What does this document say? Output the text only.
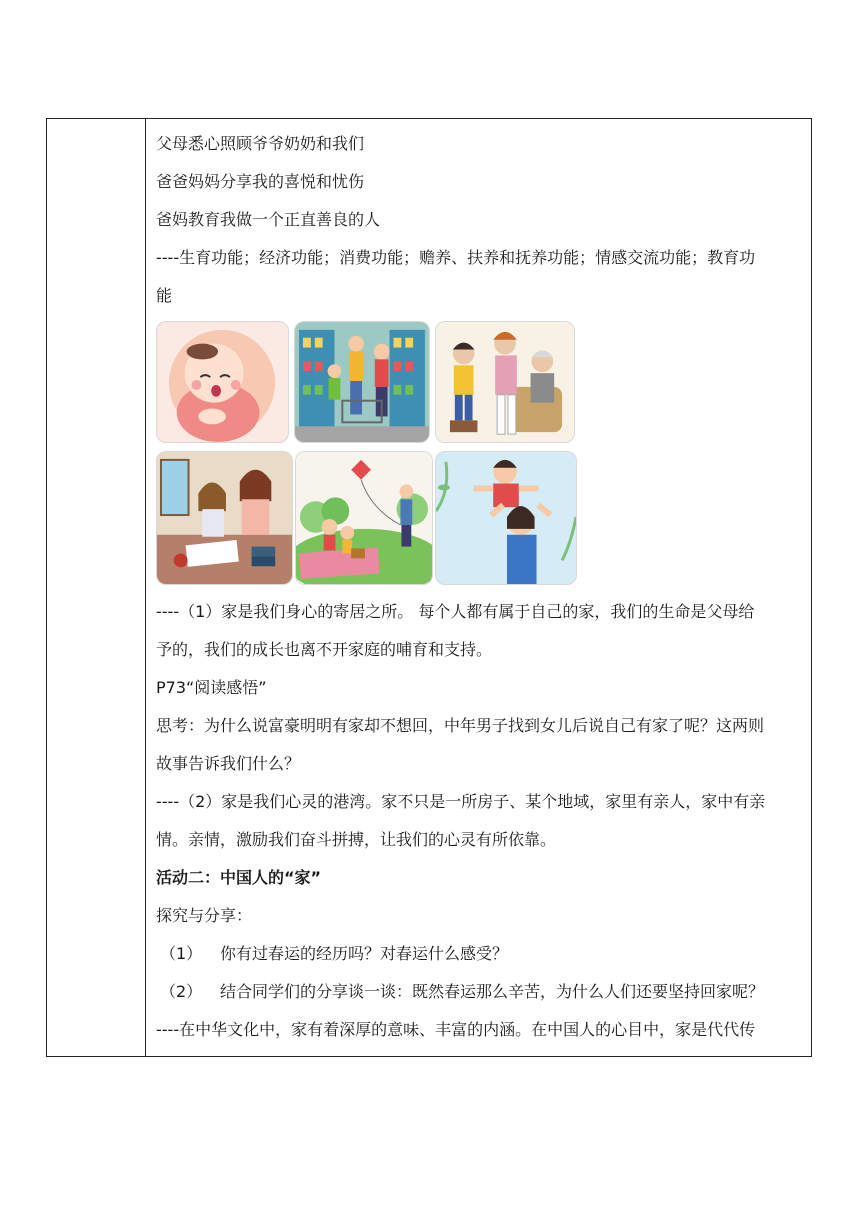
父母悉心照顾爷爷奶奶和我们

爸爸妈妈分享我的喜悦和忧伤

爸妈教育我做一个正直善良的人

----生育功能；经济功能；消费功能；赡养、扶养和抚养功能；情感交流功能；教育功

能

----（1）家是我们身心的寄居之所。 每个人都有属于自己的家，我们的生命是父母给

予的，我们的成长也离不开家庭的哺育和支持。

P73“阅读感悟”

思考：为什么说富豪明明有家却不想回，中年男子找到女儿后说自己有家了呢？这两则

故事告诉我们什么？

----（2）家是我们心灵的港湾。家不只是一所房子、某个地域，家里有亲人，家中有亲

情。亲情，激励我们奋斗拼搏，让我们的心灵有所依靠。

活动二：中国人的“家”

探究与分享：

（1）	你有过春运的经历吗？对春运什么感受？
（2）	结合同学们的分享谈一谈：既然春运那么辛苦，为什么人们还要坚持回家呢？

----在中华文化中，家有着深厚的意味、丰富的内涵。在中国人的心目中，家是代代传
